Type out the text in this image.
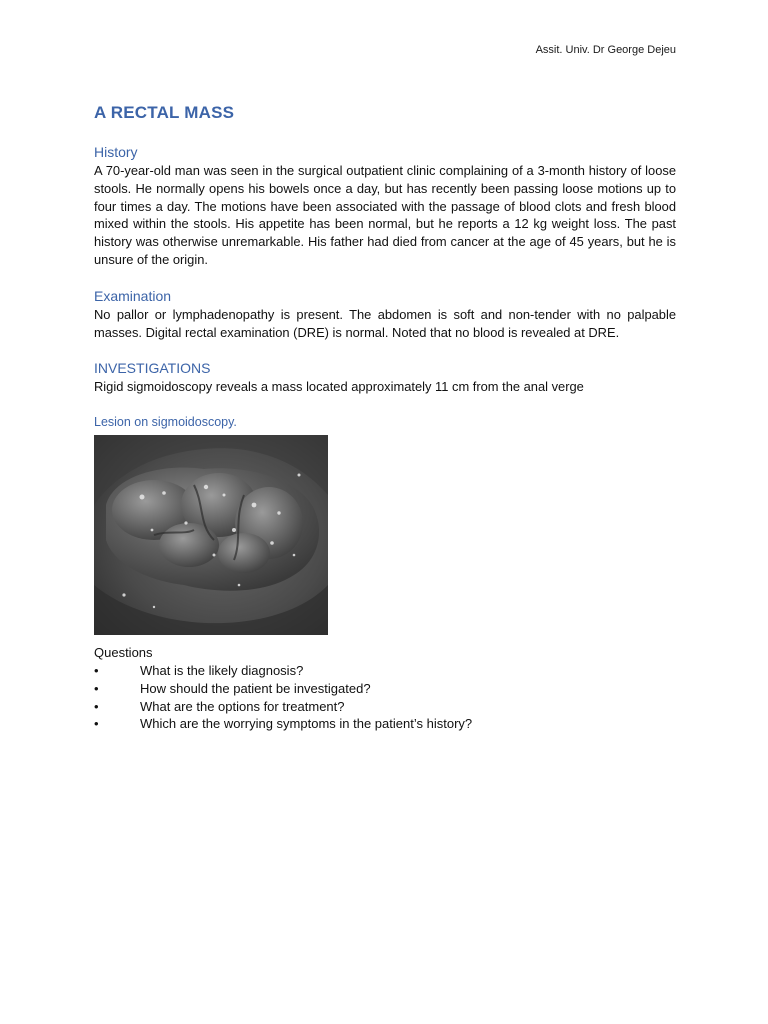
Assit. Univ. Dr George Dejeu
A RECTAL MASS
History

A 70-year-old man was seen in the surgical outpatient clinic complaining of a 3-month history of loose stools. He normally opens his bowels once a day, but has recently been passing loose motions up to four times a day. The motions have been associated with the passage of blood clots and fresh blood mixed within the stools. His appetite has been normal, but he reports a 12 kg weight loss. The past history was otherwise unremarkable. His father had died from cancer at the age of 45 years, but he is unsure of the origin.

Examination

No pallor or lymphadenopathy is present. The abdomen is soft and non-tender with no palpable masses. Digital rectal examination (DRE) is normal. Noted that no blood is revealed at DRE.

INVESTIGATIONS

Rigid sigmoidoscopy reveals a mass located approximately 11 cm from the anal verge

Lesion on sigmoidoscopy.
Questions
•	What is the likely diagnosis?
•	How should the patient be investigated?
•	What are the options for treatment?
•	Which are the worrying symptoms in the patient’s history?
